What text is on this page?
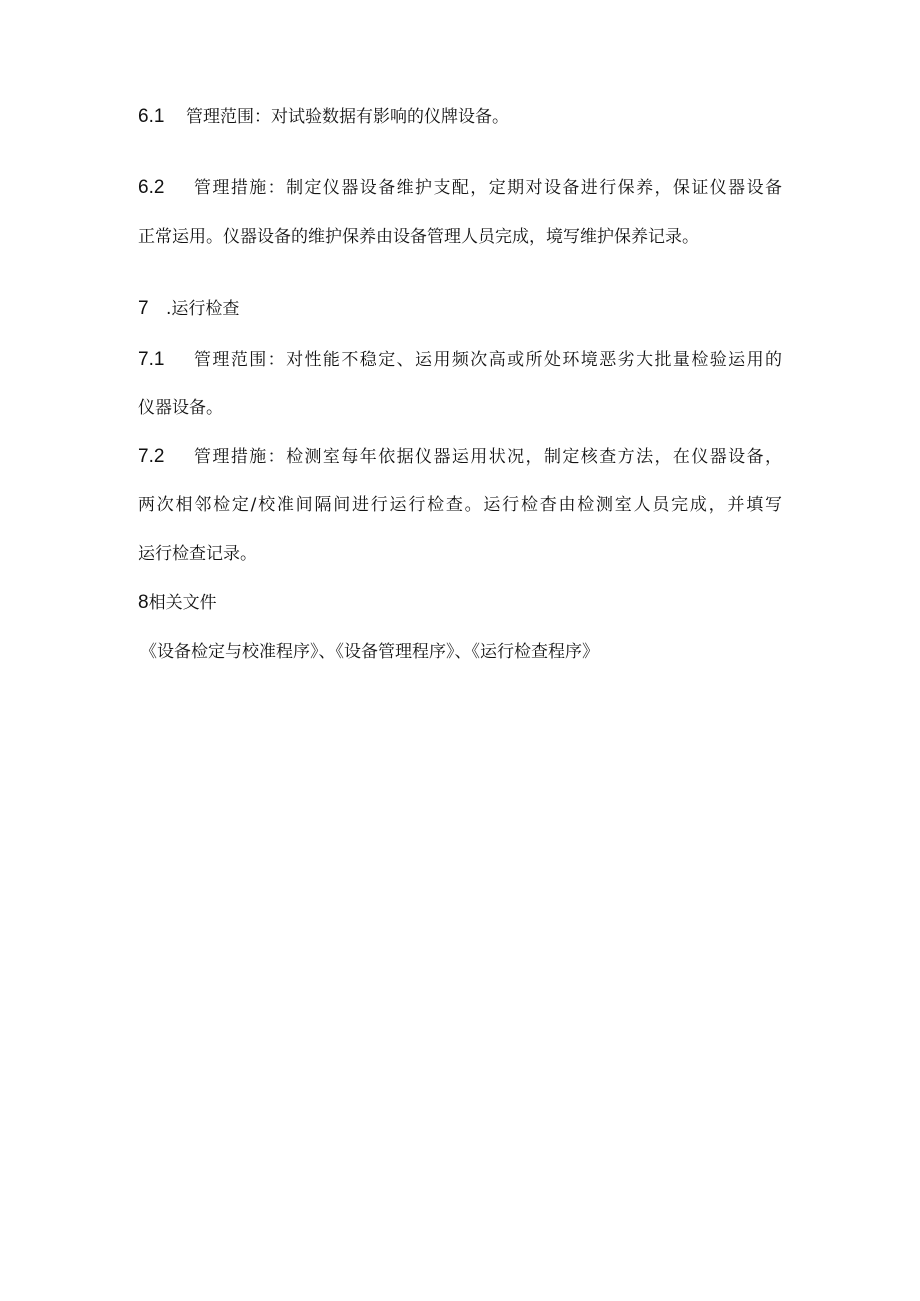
6.1 管理范围：对试验数据有影响的仪牌设备。
6.2 管理措施：制定仪器设备维护支配，定期对设备进行保养，保证仪器设备
正常运用。仪器设备的维护保养由设备管理人员完成，境写维护保养记录。
7 .运行检查
7.1 管理范围：对性能不稳定、运用频次高或所处环境恶劣大批量检验运用的
仪器设备。
7.2 管理措施：检测室每年依据仪器运用状况，制定核查方法，在仪器设备，
两次相邻检定/校准间隔间进行运行检查。运行检杳由检测室人员完成，并填写
运行检查记录。
8相关文件
《设备检定与校准程序》、《设备管理程序》、《运行检查程序》
